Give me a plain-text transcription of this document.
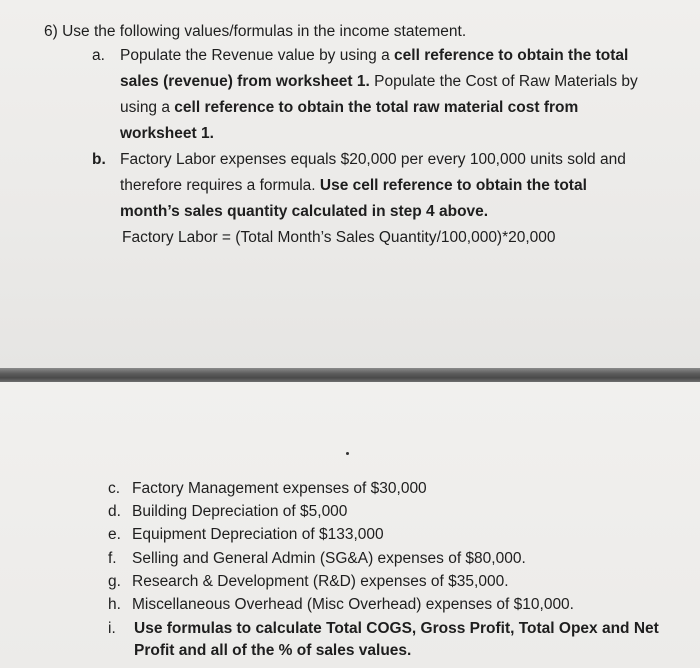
6) Use the following values/formulas in the income statement.
a. Populate the Revenue value by using a cell reference to obtain the total
sales (revenue) from worksheet 1. Populate the Cost of Raw Materials by
using a cell reference to obtain the total raw material cost from
worksheet 1.
b. Factory Labor expenses equals $20,000 per every 100,000 units sold and
therefore requires a formula. Use cell reference to obtain the total
month’s sales quantity calculated in step 4 above.
Factory Labor = (Total Month’s Sales Quantity/100,000)*20,000
c. Factory Management expenses of $30,000
d. Building Depreciation of $5,000
e. Equipment Depreciation of $133,000
f. Selling and General Admin (SG&A) expenses of $80,000.
g. Research & Development (R&D) expenses of $35,000.
h. Miscellaneous Overhead (Misc Overhead) expenses of $10,000.
i. Use formulas to calculate Total COGS, Gross Profit, Total Opex and Net
Profit and all of the % of sales values.
